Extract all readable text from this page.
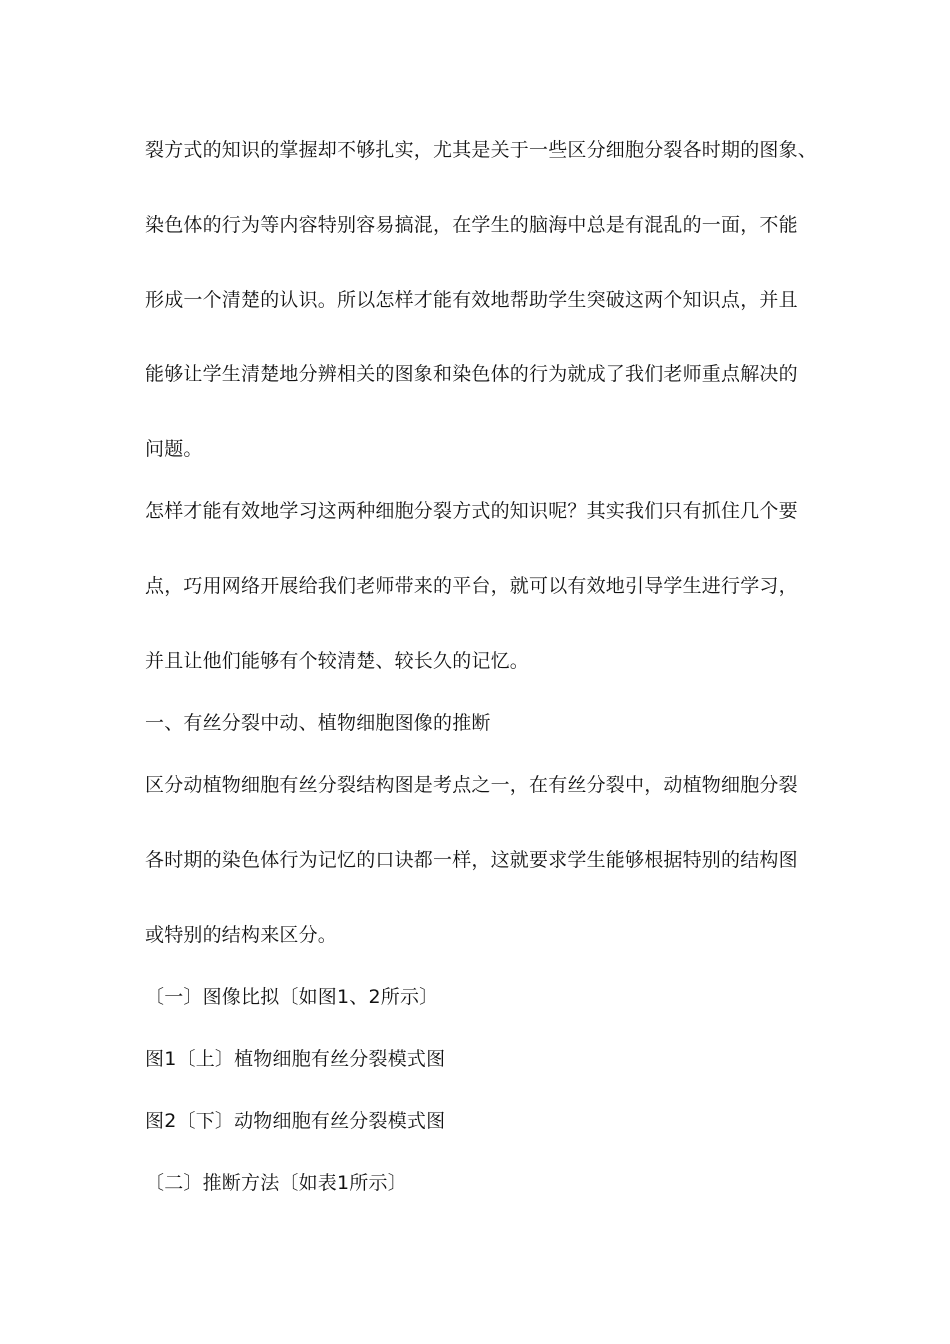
裂方式的知识的掌握却不够扎实，尤其是关于一些区分细胞分裂各时期的图象、
染色体的行为等内容特别容易搞混，在学生的脑海中总是有混乱的一面，不能
形成一个清楚的认识。所以怎样才能有效地帮助学生突破这两个知识点，并且
能够让学生清楚地分辨相关的图象和染色体的行为就成了我们老师重点解决的
问题。
怎样才能有效地学习这两种细胞分裂方式的知识呢？其实我们只有抓住几个要
点，巧用网络开展给我们老师带来的平台，就可以有效地引导学生进行学习，
并且让他们能够有个较清楚、较长久的记忆。
一、有丝分裂中动、植物细胞图像的推断
区分动植物细胞有丝分裂结构图是考点之一，在有丝分裂中，动植物细胞分裂
各时期的染色体行为记忆的口诀都一样，这就要求学生能够根据特别的结构图
或特别的结构来区分。
〔一〕图像比拟〔如图1、2所示〕
图1〔上〕植物细胞有丝分裂模式图
图2〔下〕动物细胞有丝分裂模式图
〔二〕推断方法〔如表1所示〕
